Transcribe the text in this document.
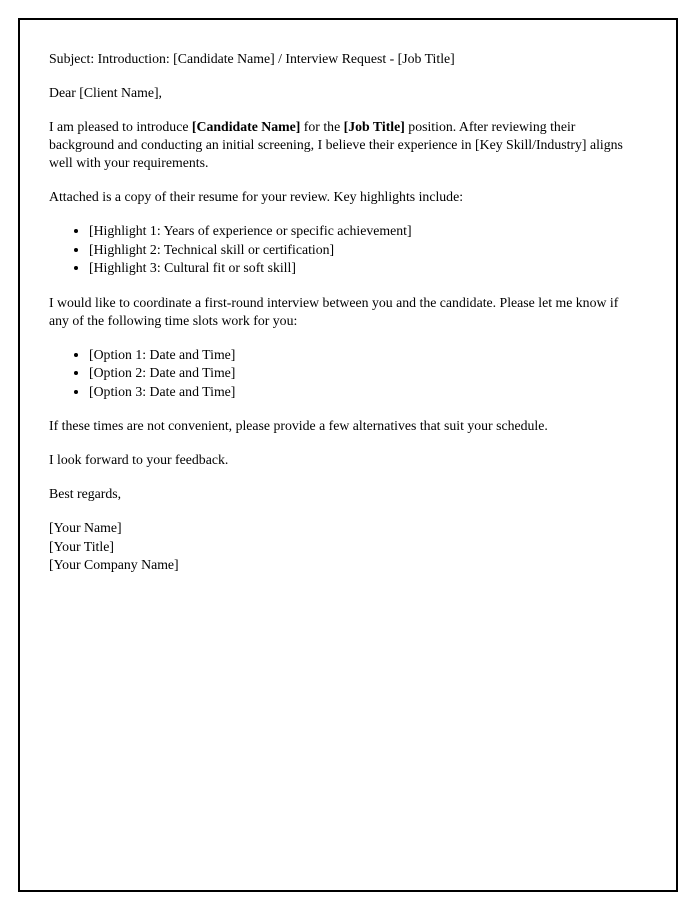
Subject: Introduction: [Candidate Name] / Interview Request - [Job Title]

Dear [Client Name],

I am pleased to introduce [Candidate Name] for the [Job Title] position. After reviewing their background and conducting an initial screening, I believe their experience in [Key Skill/Industry] aligns well with your requirements.

Attached is a copy of their resume for your review. Key highlights include:

• [Highlight 1: Years of experience or specific achievement]
• [Highlight 2: Technical skill or certification]
• [Highlight 3: Cultural fit or soft skill]

I would like to coordinate a first-round interview between you and the candidate. Please let me know if any of the following time slots work for you:

• [Option 1: Date and Time]
• [Option 2: Date and Time]
• [Option 3: Date and Time]

If these times are not convenient, please provide a few alternatives that suit your schedule.

I look forward to your feedback.

Best regards,

[Your Name]

[Your Title]

[Your Company Name]
